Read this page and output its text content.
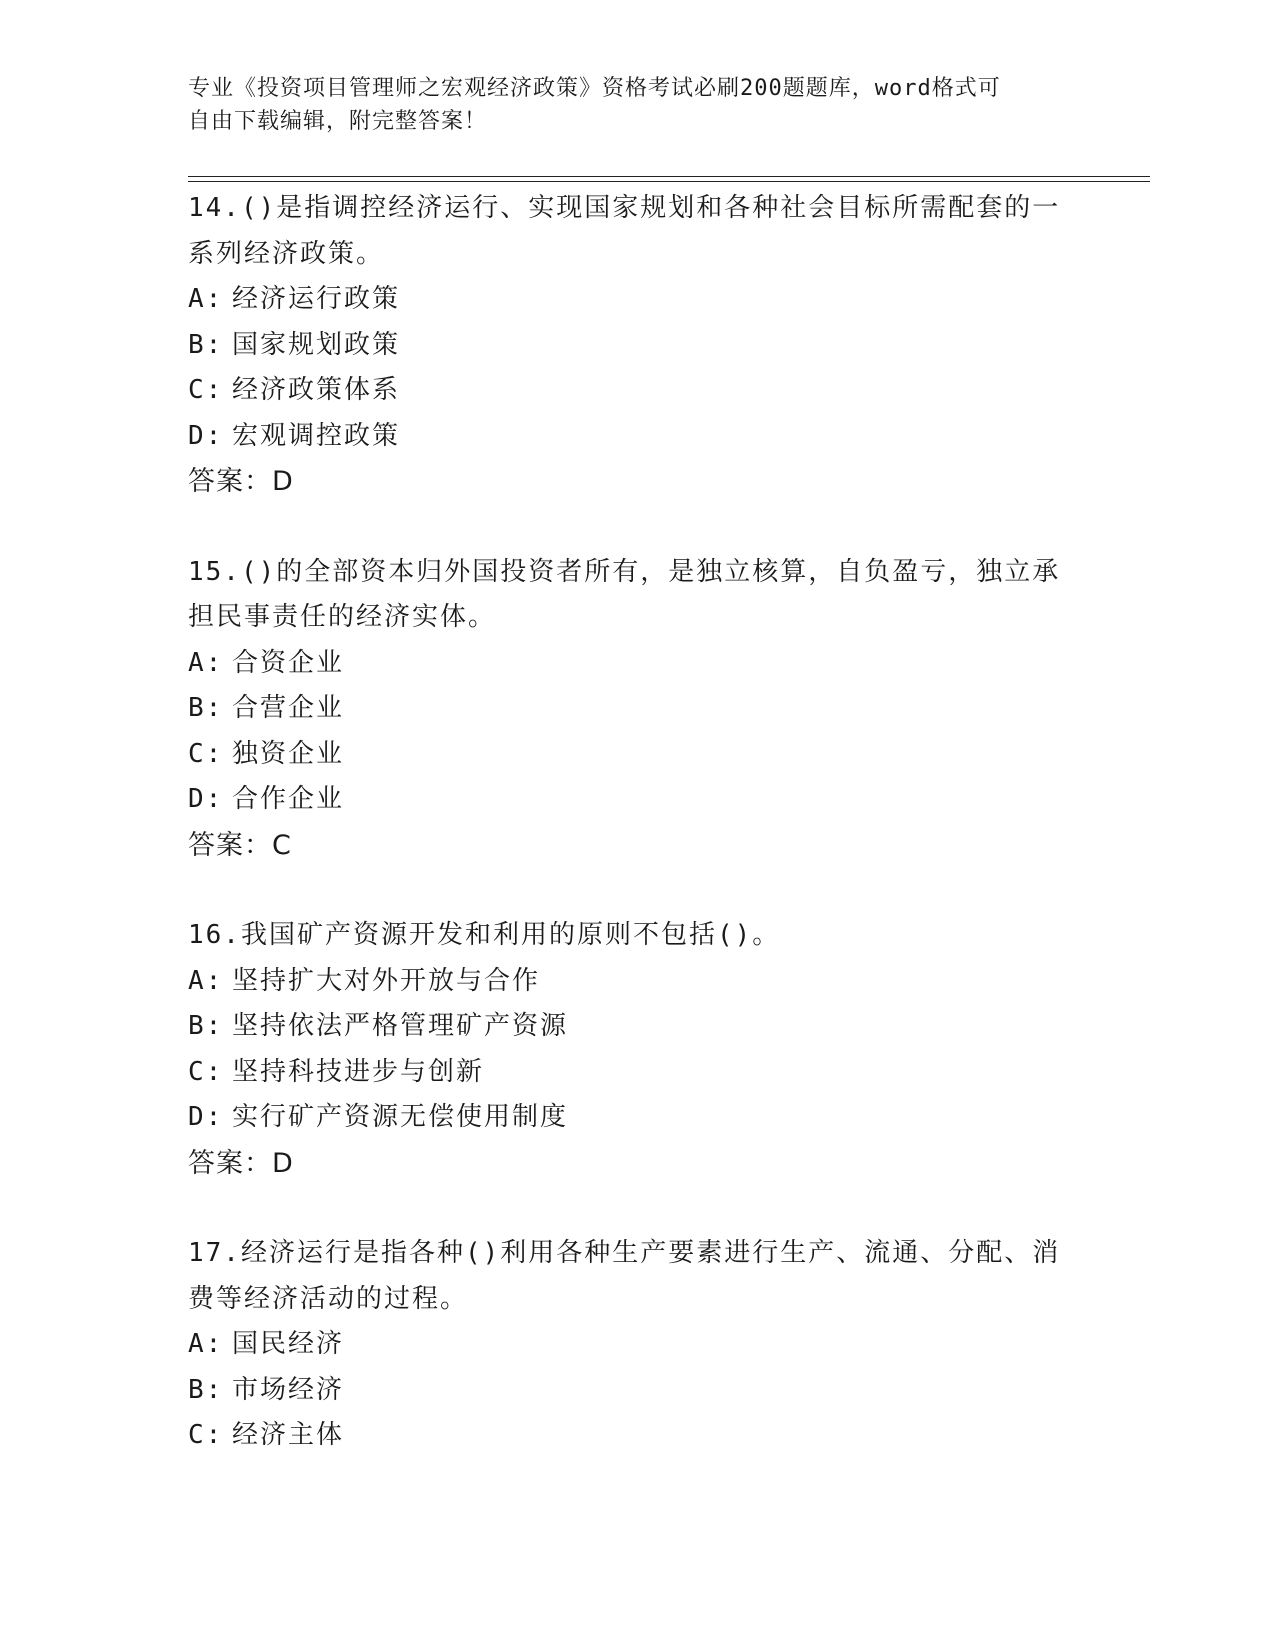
专业《投资项目管理师之宏观经济政策》资格考试必刷200题题库，word格式可
自由下载编辑，附完整答案！
14.()是指调控经济运行、实现国家规划和各种社会目标所需配套的一
系列经济政策。
A: 经济运行政策
B: 国家规划政策
C: 经济政策体系
D: 宏观调控政策
答案：D
15.()的全部资本归外国投资者所有，是独立核算，自负盈亏，独立承
担民事责任的经济实体。
A: 合资企业
B: 合营企业
C: 独资企业
D: 合作企业
答案：C
16.我国矿产资源开发和利用的原则不包括()。
A: 坚持扩大对外开放与合作
B: 坚持依法严格管理矿产资源
C: 坚持科技进步与创新
D: 实行矿产资源无偿使用制度
答案：D
17.经济运行是指各种()利用各种生产要素进行生产、流通、分配、消
费等经济活动的过程。
A: 国民经济
B: 市场经济
C: 经济主体
